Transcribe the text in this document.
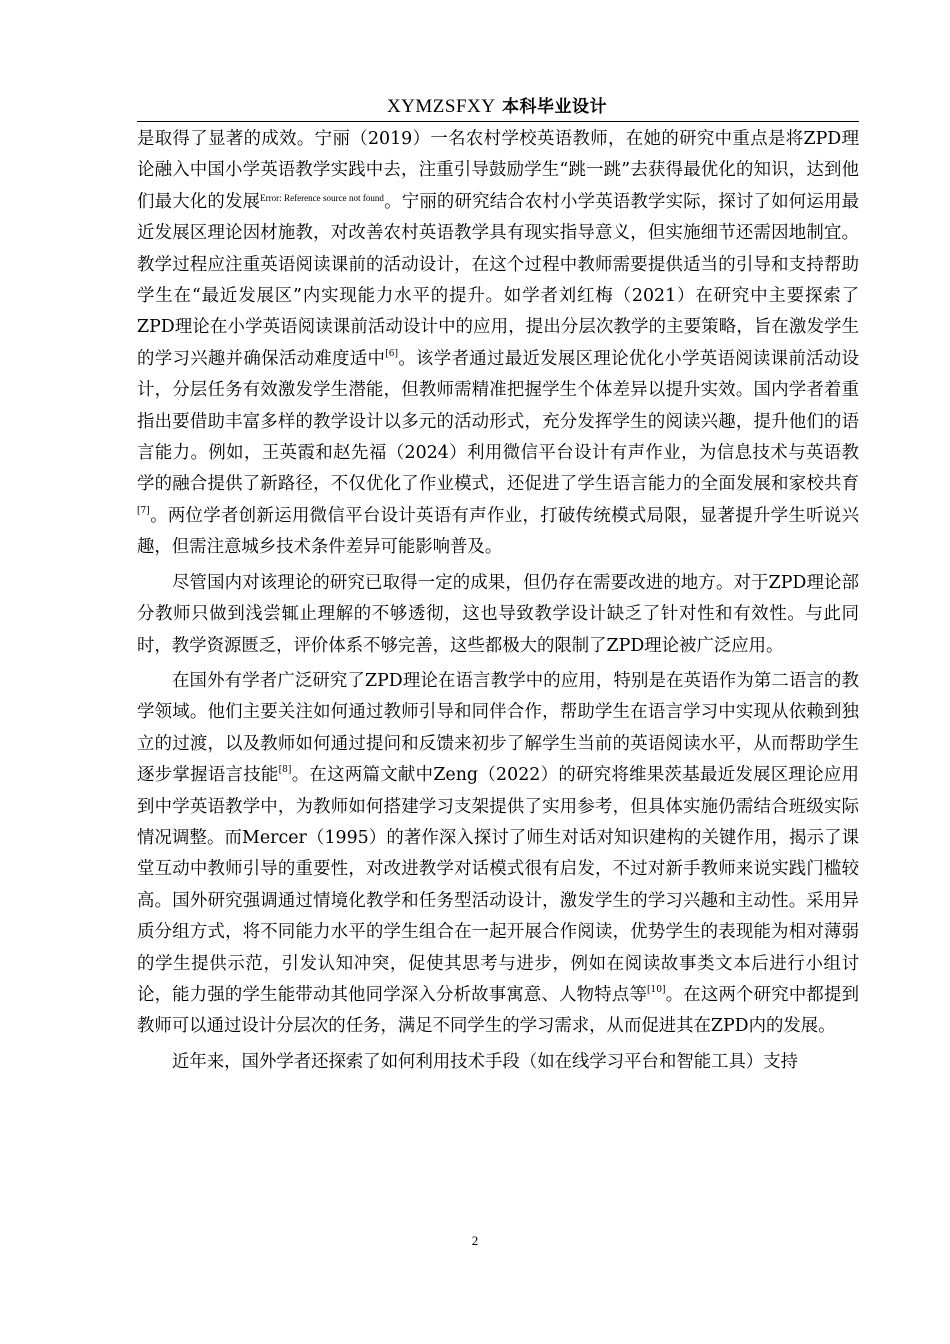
XYMZSFXY 本科毕业设计

是取得了显著的成效。宁丽（2019）一名农村学校英语教师，在她的研究中重点是将ZPD理论融入中国小学英语教学实践中去，注重引导鼓励学生“跳一跳”去获得最优化的知识，达到他们最大化的发展$^{Error: Reference source not found}$。宁丽的研究结合农村小学英语教学实际，探讨了如何运用最近发展区理论因材施教，对改善农村英语教学具有现实指导意义，但实施细节还需因地制宜。教学过程应注重英语阅读课前的活动设计，在这个过程中教师需要提供适当的引导和支持帮助学生在“最近发展区”内实现能力水平的提升。如学者刘红梅（2021）在研究中主要探索了ZPD理论在小学英语阅读课前活动设计中的应用，提出分层次教学的主要策略，旨在激发学生的学习兴趣并确保活动难度适中[6]。该学者通过最近发展区理论优化小学英语阅读课前活动设计，分层任务有效激发学生潜能，但教师需精准把握学生个体差异以提升实效。国内学者着重指出要借助丰富多样的教学设计以多元的活动形式，充分发挥学生的阅读兴趣，提升他们的语言能力。例如，王英霞和赵先福（2024）利用微信平台设计有声作业，为信息技术与英语教学的融合提供了新路径，不仅优化了作业模式，还促进了学生语言能力的全面发展和家校共育[7]。两位学者创新运用微信平台设计英语有声作业，打破传统模式局限，显著提升学生听说兴趣，但需注意城乡技术条件差异可能影响普及。

尽管国内对该理论的研究已取得一定的成果，但仍存在需要改进的地方。对于ZPD理论部分教师只做到浅尝辄止理解的不够透彻，这也导致教学设计缺乏了针对性和有效性。与此同时，教学资源匮乏，评价体系不够完善，这些都极大的限制了ZPD理论被广泛应用。

在国外有学者广泛研究了ZPD理论在语言教学中的应用，特别是在英语作为第二语言的教学领域。他们主要关注如何通过教师引导和同伴合作，帮助学生在语言学习中实现从依赖到独立的过渡，以及教师如何通过提问和反馈来初步了解学生当前的英语阅读水平，从而帮助学生逐步掌握语言技能[8]。在这两篇文献中Zeng（2022）的研究将维果茨基最近发展区理论应用到中学英语教学中，为教师如何搭建学习支架提供了实用参考，但具体实施仍需结合班级实际情况调整。而Mercer（1995）的著作深入探讨了师生对话对知识建构的关键作用，揭示了课堂互动中教师引导的重要性，对改进教学对话模式很有启发，不过对新手教师来说实践门槛较高。国外研究强调通过情境化教学和任务型活动设计，激发学生的学习兴趣和主动性。采用异质分组方式，将不同能力水平的学生组合在一起开展合作阅读，优势学生的表现能为相对薄弱的学生提供示范，引发认知冲突，促使其思考与进步，例如在阅读故事类文本后进行小组讨论，能力强的学生能带动其他同学深入分析故事寓意、人物特点等[10]。在这两个研究中都提到教师可以通过设计分层次的任务，满足不同学生的学习需求，从而促进其在ZPD内的发展。

近年来，国外学者还探索了如何利用技术手段（如在线学习平台和智能工具）支持

2
